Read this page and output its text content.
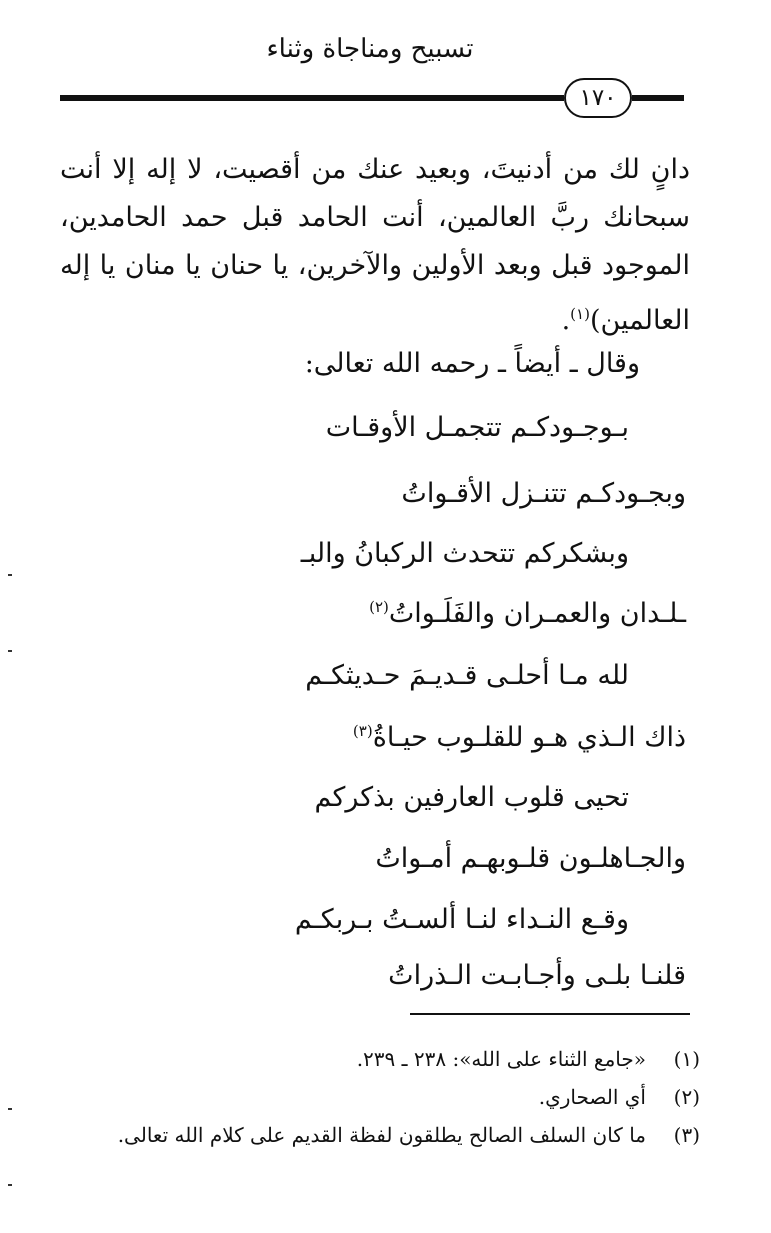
تسبيح ومناجاة وثناء
١٧٠
دانٍ لك من أدنيتَ، وبعيد عنك من أقصيت، لا إله إلا أنت
سبحانك ربَّ العالمين، أنت الحامد قبل حمد الحامدين،
الموجود قبل وبعد الأولين والآخرين، يا حنان يا منان يا إله
العالمين)$^{(١)}$.
وقال ـ أيضاً ـ رحمه الله تعالى:
بـوجـودكـم تتجمـل الأوقـات
وبجـودكـم تتنـزل الأقـواتُ
وبشكركم تتحدث الركبانُ والبـ
ـلـدان والعمـران والفَلَـواتُ$^{(٢)}$
لله مـا أحلـى قـديـمَ حـديثكـم
ذاك الـذي هـو للقلـوب حيـاةُ$^{(٣)}$
تحيى قلوب العارفين بذكركم
والجـاهلـون قلـوبهـم أمـواتُ
وقـع النـداء لنـا ألسـتُ بـربكـم
قلنـا بلـى وأجـابـت الـذراتُ
(١)
«جامع الثناء على الله»: ٢٣٨ ـ ٢٣٩.
(٢)
أي الصحاري.
(٣)
ما كان السلف الصالح يطلقون لفظة القديم على كلام الله تعالى.
